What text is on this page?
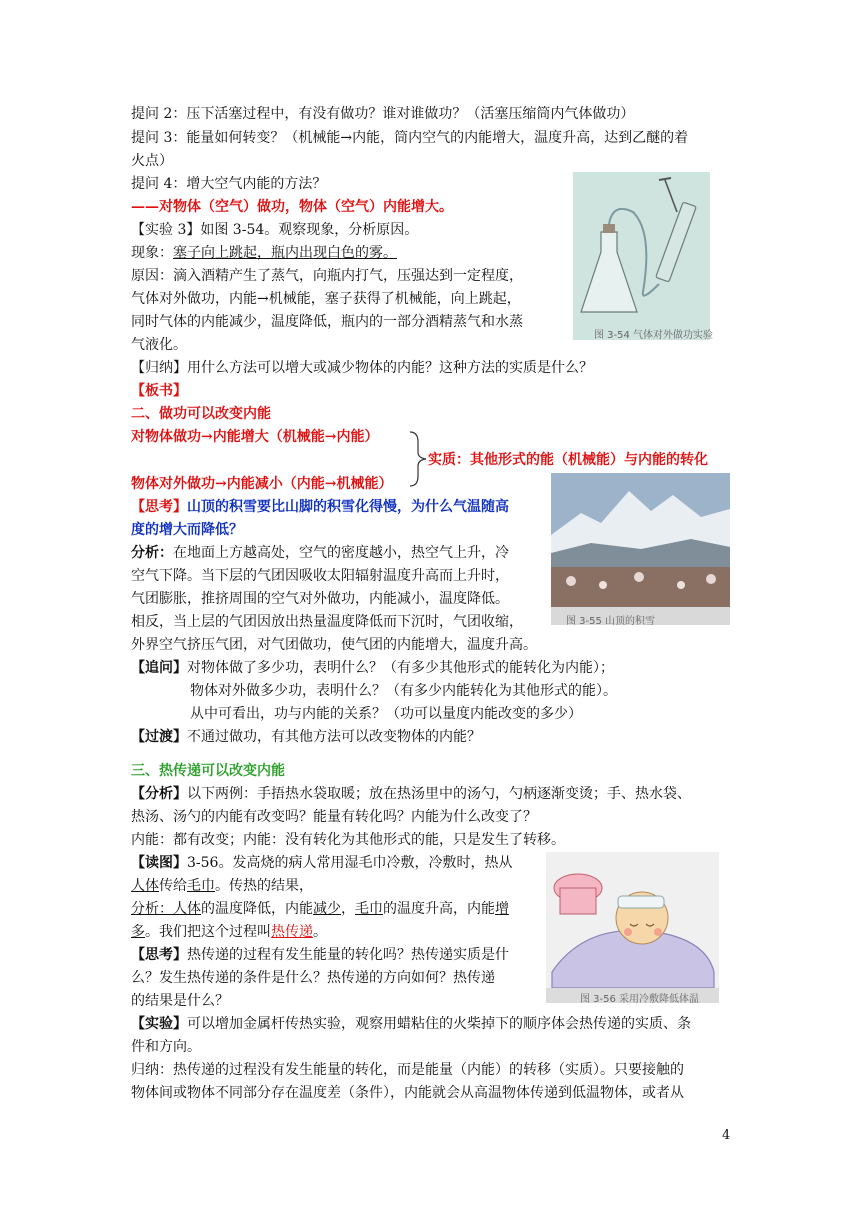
提问 2：压下活塞过程中，有没有做功？谁对谁做功？（活塞压缩筒内气体做功）
提问 3：能量如何转变？（机械能→内能，筒内空气的内能增大，温度升高，达到乙醚的着
火点）
提问 4：增大空气内能的方法？
——对物体（空气）做功，物体（空气）内能增大。
【实验 3】如图 3-54。观察现象，分析原因。
现象：塞子向上跳起，瓶内出现白色的雾。
原因：滴入酒精产生了蒸气，向瓶内打气，压强达到一定程度，
气体对外做功，内能→机械能，塞子获得了机械能，向上跳起，
同时气体的内能减少，温度降低，瓶内的一部分酒精蒸气和水蒸
气液化。
【归纳】用什么方法可以增大或减少物体的内能？这种方法的实质是什么？
【板书】
二、做功可以改变内能
对物体做功→内能增大（机械能→内能）
实质：其他形式的能（机械能）与内能的转化
物体对外做功→内能减小（内能→机械能）
【思考】山顶的积雪要比山脚的积雪化得慢，为什么气温随高
度的增大而降低？
分析：在地面上方越高处，空气的密度越小，热空气上升，冷
空气下降。当下层的气团因吸收太阳辐射温度升高而上升时，
气团膨胀，推挤周围的空气对外做功，内能减小，温度降低。
相反，当上层的气团因放出热量温度降低而下沉时，气团收缩，
外界空气挤压气团，对气团做功，使气团的内能增大，温度升高。
【追问】对物体做了多少功，表明什么？（有多少其他形式的能转化为内能）；
物体对外做多少功，表明什么？（有多少内能转化为其他形式的能）。
从中可看出，功与内能的关系？（功可以量度内能改变的多少）
【过渡】不通过做功，有其他方法可以改变物体的内能？
三、热传递可以改变内能
【分析】以下两例：手捂热水袋取暖；放在热汤里中的汤勺，勺柄逐渐变烫；手、热水袋、
热汤、汤勺的内能有改变吗？能量有转化吗？内能为什么改变了？
内能：都有改变；内能：没有转化为其他形式的能，只是发生了转移。
【读图】3-56。发高烧的病人常用湿毛巾冷敷，冷敷时，热从
人体传给毛巾。传热的结果，
分析：人体的温度降低，内能减少，毛巾的温度升高，内能增
多。我们把这个过程叫热传递。
【思考】热传递的过程有发生能量的转化吗？热传递实质是什
么？发生热传递的条件是什么？热传递的方向如何？热传递
的结果是什么？
【实验】可以增加金属杆传热实验，观察用蜡粘住的火柴掉下的顺序体会热传递的实质、条
件和方向。
归纳：热传递的过程没有发生能量的转化，而是能量（内能）的转移（实质）。只要接触的
物体间或物体不同部分存在温度差（条件），内能就会从高温物体传递到低温物体，或者从
图 3-54 气体对外做功实验
图 3-55 山顶的积雪
图 3-56 采用冷敷降低体温
4
